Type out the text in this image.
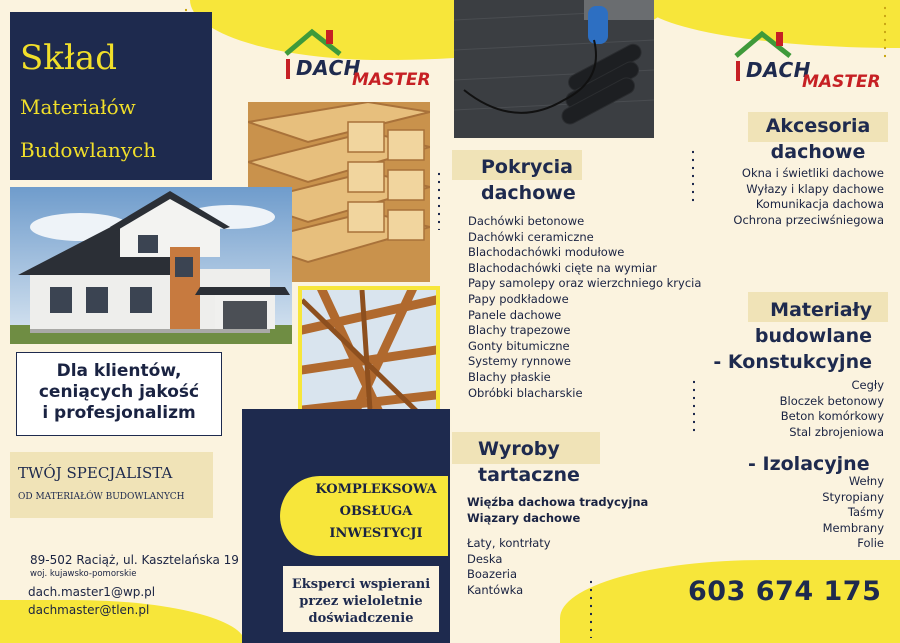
Skład
Materiałów
Budowlanych
DACH
MASTER	DACH
MASTER
Dla klientów,
ceniących jakość
i profesjonalizm
TWÓJ SPECJALISTA
OD MATERIAŁÓW BUDOWLANYCH
89-502 Raciąż, ul. Kasztelańska 19
woj. kujawsko-pomorskie
dach.master1@wp.pl
dachmaster@tlen.pl
KOMPLEKSOWA
OBSŁUGA
INWESTYCJI
Eksperci wspierani
przez wieloletnie
doświadczenie
Pokrycia
dachowe
Dachówki betonowe
Dachówki ceramiczne
Blachodachówki modułowe
Blachodachówki cięte na wymiar
Papy samolepy oraz wierzchniego krycia
Papy podkładowe
Panele dachowe
Blachy trapezowe
Gonty bitumiczne
Systemy rynnowe
Blachy płaskie
Obróbki blacharskie
Wyroby
tartaczne
Więźba dachowa tradycyjna
Wiązary dachowe
Łaty, kontrłaty
Deska
Boazeria
Kantówka
Akcesoria
dachowe
Okna i świetliki dachowe
Wyłazy i klapy dachowe
Komunikacja dachowa
Ochrona przeciwśniegowa
Materiały
budowlane
- Konstukcyjne
Cegły
Bloczek betonowy
Beton komórkowy
Stal zbrojeniowa
- Izolacyjne
Wełny
Styropiany
Taśmy
Membrany
Folie
603 674 175
